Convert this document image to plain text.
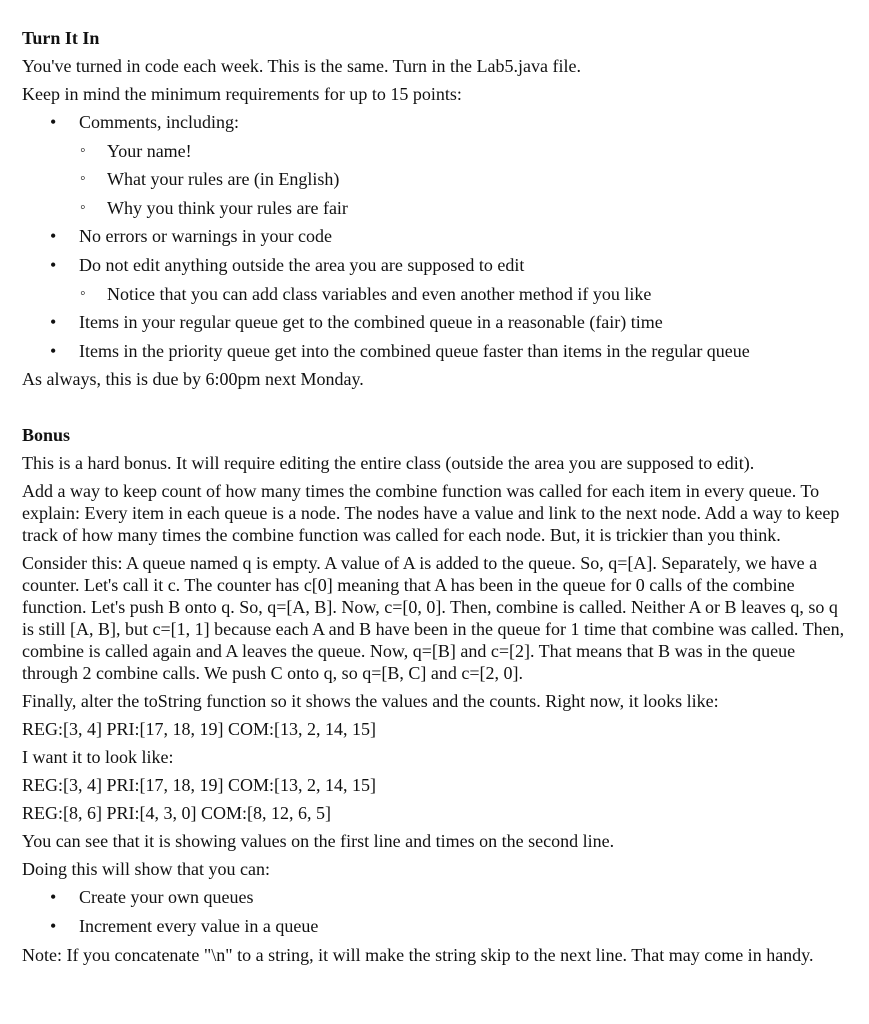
Turn It In

You've turned in code each week. This is the same. Turn in the Lab5.java file.

Keep in mind the minimum requirements for up to 15 points:

• Comments, including:
◦ Your name!
◦ What your rules are (in English)
◦ Why you think your rules are fair
• No errors or warnings in your code
• Do not edit anything outside the area you are supposed to edit
◦ Notice that you can add class variables and even another method if you like
• Items in your regular queue get to the combined queue in a reasonable (fair) time
• Items in the priority queue get into the combined queue faster than items in the regular queue

As always, this is due by 6:00pm next Monday.

Bonus

This is a hard bonus. It will require editing the entire class (outside the area you are supposed to edit).

Add a way to keep count of how many times the combine function was called for each item in every queue. To explain: Every item in each queue is a node. The nodes have a value and link to the next node. Add a way to keep track of how many times the combine function was called for each node. But, it is trickier than you think.

Consider this: A queue named q is empty. A value of A is added to the queue. So, q=[A]. Separately, we have a counter. Let's call it c. The counter has c[0] meaning that A has been in the queue for 0 calls of the combine function. Let's push B onto q. So, q=[A, B]. Now, c=[0, 0]. Then, combine is called. Neither A or B leaves q, so q is still [A, B], but c=[1, 1] because each A and B have been in the queue for 1 time that combine was called. Then, combine is called again and A leaves the queue. Now, q=[B] and c=[2]. That means that B was in the queue through 2 combine calls. We push C onto q, so q=[B, C] and c=[2, 0].

Finally, alter the toString function so it shows the values and the counts. Right now, it looks like:

REG:[3, 4] PRI:[17, 18, 19] COM:[13, 2, 14, 15]

I want it to look like:

REG:[3, 4] PRI:[17, 18, 19] COM:[13, 2, 14, 15]

REG:[8, 6] PRI:[4, 3, 0] COM:[8, 12, 6, 5]

You can see that it is showing values on the first line and times on the second line.

Doing this will show that you can:

• Create your own queues
• Increment every value in a queue

Note: If you concatenate "\n" to a string, it will make the string skip to the next line. That may come in handy.
